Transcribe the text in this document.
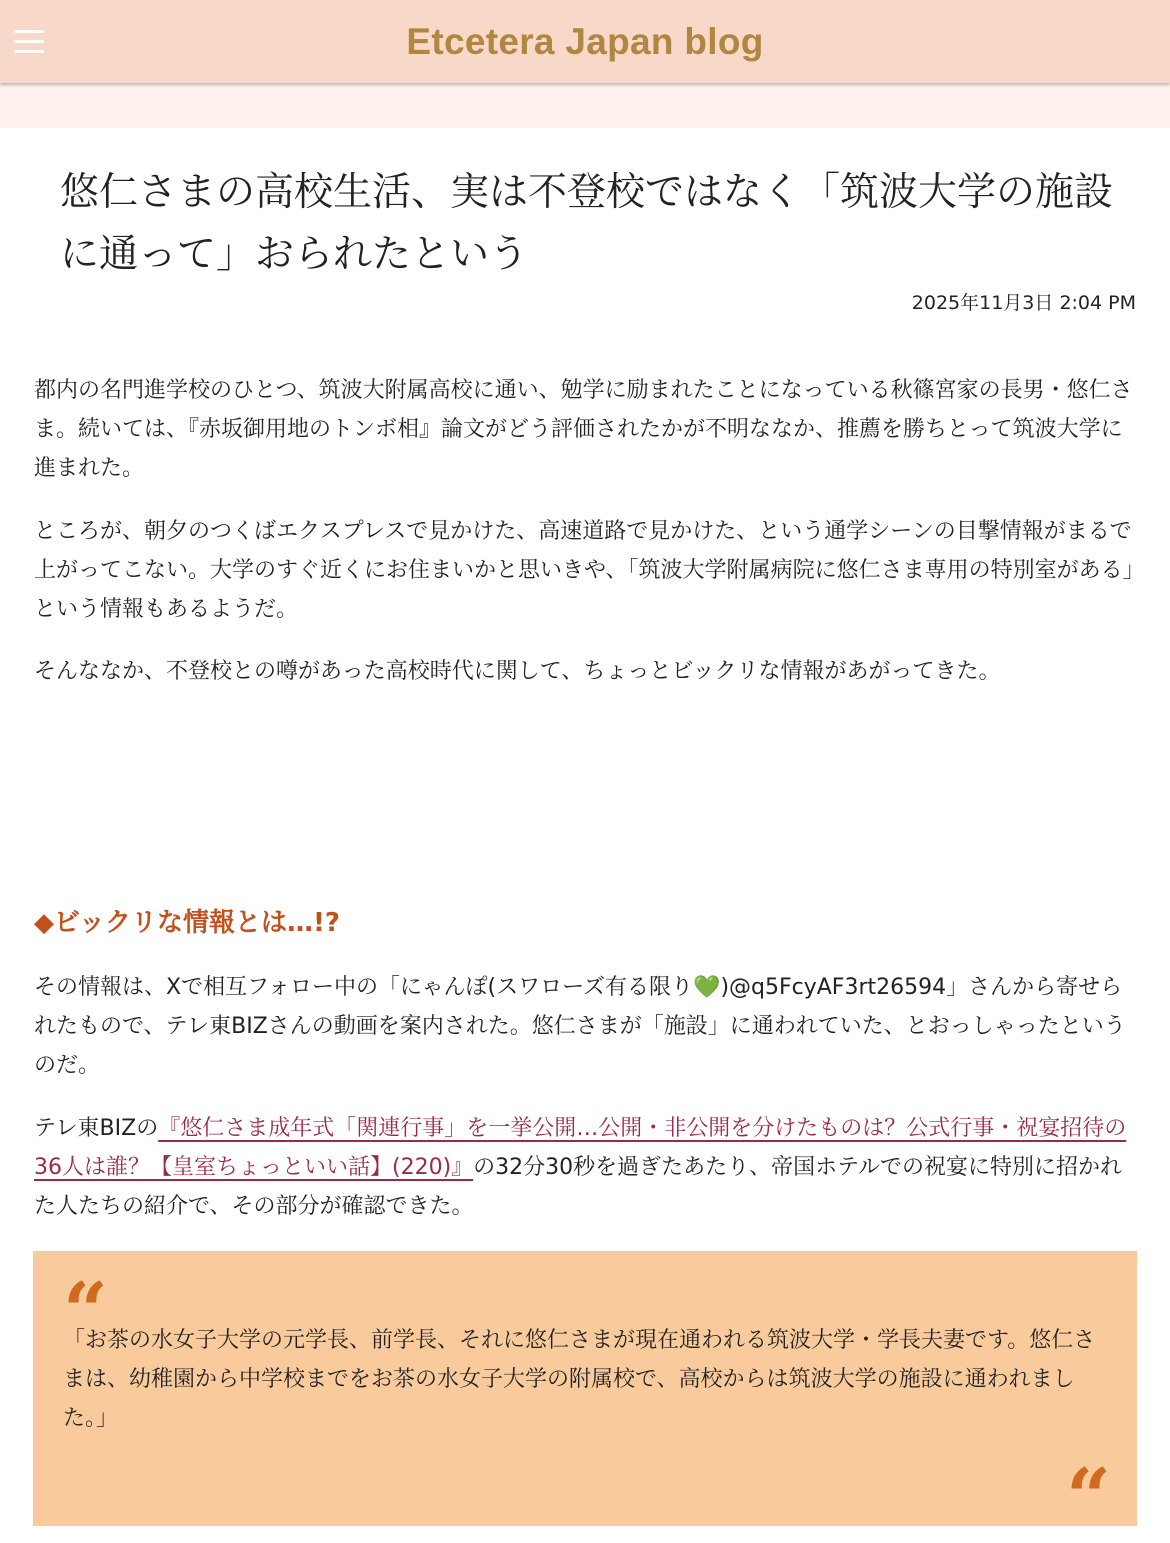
Etcetera Japan blog
悠仁さまの高校生活、実は不登校ではなく「筑波大学の施設に通って」おられたという
2025年11月3日 2:04 PM

都内の名門進学校のひとつ、筑波大附属高校に通い、勉学に励まれたことになっている秋篠宮家の長男・悠仁さま。続いては、『赤坂御用地のトンボ相』論文がどう評価されたかが不明ななか、推薦を勝ちとって筑波大学に進まれた。

ところが、朝夕のつくばエクスプレスで見かけた、高速道路で見かけた、という通学シーンの目撃情報がまるで上がってこない。大学のすぐ近くにお住まいかと思いきや、「筑波大学附属病院に悠仁さま専用の特別室がある」という情報もあるようだ。

そんななか、不登校との噂があった高校時代に関して、ちょっとビックリな情報があがってきた。

◆ビックリな情報とは…!?

その情報は、Xで相互フォロー中の「にゃんぽ(スワローズ有る限り💚)@q5FcyAF3rt26594」さんから寄せられたもので、テレ東BIZさんの動画を案内された。悠仁さまが「施設」に通われていた、とおっしゃったというのだ。

テレ東BIZの『悠仁さま成年式「関連行事」を一挙公開…公開・非公開を分けたものは？公式行事・祝宴招待の36人は誰？【皇室ちょっといい話】(220)』の32分30秒を過ぎたあたり、帝国ホテルでの祝宴に特別に招かれた人たちの紹介で、その部分が確認できた。

“

「お茶の水女子大学の元学長、前学長、それに悠仁さまが現在通われる筑波大学・学長夫妻です。悠仁さまは、幼稚園から中学校までをお茶の水女子大学の附属校で、高校からは筑波大学の施設に通われました。」

“
